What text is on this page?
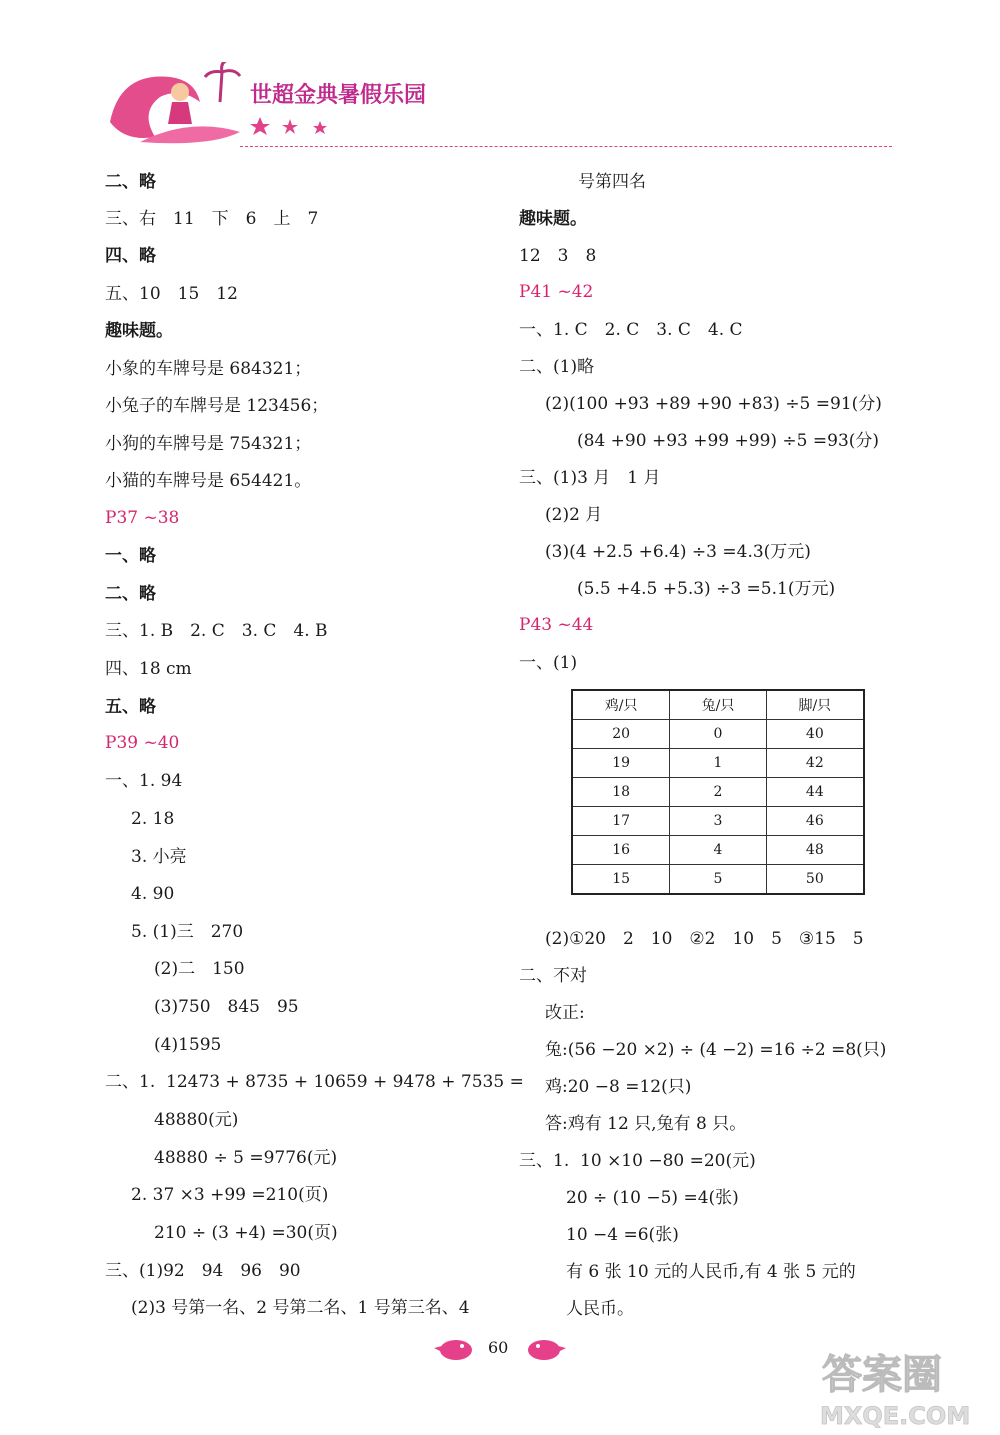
世超金典暑假乐园
二、略
三、右　11　下　6　上　7
四、略
五、10　15　12
趣味题。
小象的车牌号是 684321；
小兔子的车牌号是 123456；
小狗的车牌号是 754321；
小猫的车牌号是 654421。
P37 ~38
一、略
二、略
三、1. B　2. C　3. C　4. B
四、18 cm
五、略
P39 ~40
一、1. 94
2. 18
3. 小亮
4. 90
5. (1)三　270
(2)二　150
(3)750　845　95
(4)1595
二、1.  12473 + 8735 + 10659 + 9478 + 7535 =
48880(元)
48880 ÷ 5 =9776(元)
2. 37 ×3 +99 =210(页)
210 ÷ (3 +4) =30(页)
三、(1)92　94　96　90
(2)3 号第一名、2 号第二名、1 号第三名、4
号第四名
趣味题。
12　3　8
P41 ~42
一、1. C　2. C　3. C　4. C
二、(1)略
(2)(100 +93 +89 +90 +83) ÷5 =91(分)
(84 +90 +93 +99 +99) ÷5 =93(分)
三、(1)3 月　1 月
(2)2 月
(3)(4 +2.5 +6.4) ÷3 =4.3(万元)
(5.5 +4.5 +5.3) ÷3 =5.1(万元)
P43 ~44
一、(1)
鸡/只	兔/只	脚/只
20	0	40
19	1	42
18	2	44
17	3	46
16	4	48
15	5	50
(2)①20　2　10　②2　10　5　③15　5
二、不对
改正:
兔:(56 −20 ×2) ÷ (4 −2) =16 ÷2 =8(只)
鸡:20 −8 =12(只)
答:鸡有 12 只,兔有 8 只。
三、1.  10 ×10 −80 =20(元)
20 ÷ (10 −5) =4(张)
10 −4 =6(张)
有 6 张 10 元的人民币,有 4 张 5 元的
人民币。
60
答案圈
MXQE.COM
